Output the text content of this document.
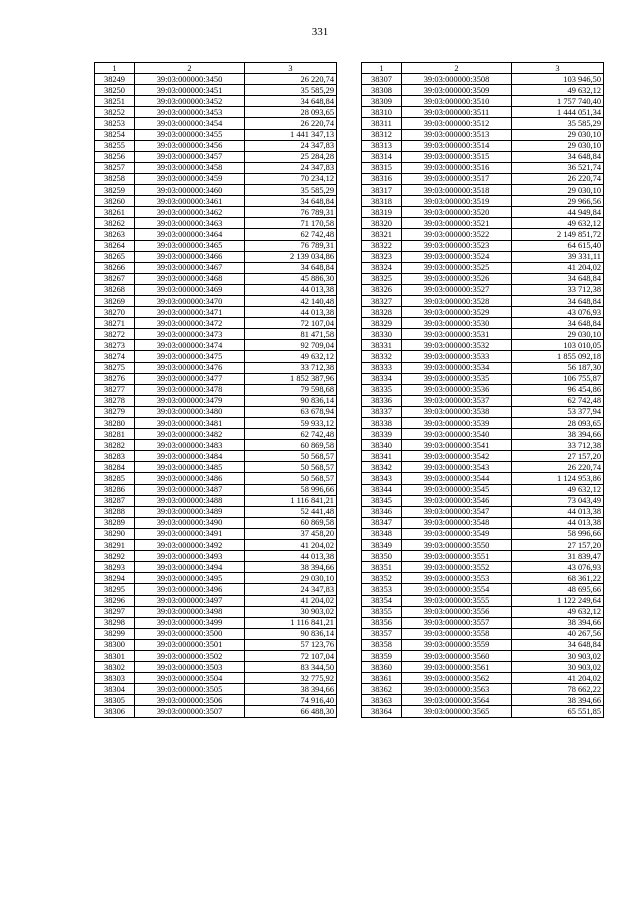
331
1	2	3
38249	39:03:000000:3450	26 220,74
38250	39:03:000000:3451	35 585,29
38251	39:03:000000:3452	34 648,84
38252	39:03:000000:3453	28 093,65
38253	39:03:000000:3454	26 220,74
38254	39:03:000000:3455	1 441 347,13
38255	39:03:000000:3456	24 347,83
38256	39:03:000000:3457	25 284,28
38257	39:03:000000:3458	24 347,83
38258	39:03:000000:3459	70 234,12
38259	39:03:000000:3460	35 585,29
38260	39:03:000000:3461	34 648,84
38261	39:03:000000:3462	76 789,31
38262	39:03:000000:3463	71 170,58
38263	39:03:000000:3464	62 742,48
38264	39:03:000000:3465	76 789,31
38265	39:03:000000:3466	2 139 034,86
38266	39:03:000000:3467	34 648,84
38267	39:03:000000:3468	45 886,30
38268	39:03:000000:3469	44 013,38
38269	39:03:000000:3470	42 140,48
38270	39:03:000000:3471	44 013,38
38271	39:03:000000:3472	72 107,04
38272	39:03:000000:3473	81 471,58
38273	39:03:000000:3474	92 709,04
38274	39:03:000000:3475	49 632,12
38275	39:03:000000:3476	33 712,38
38276	39:03:000000:3477	1 852 387,96
38277	39:03:000000:3478	79 598,68
38278	39:03:000000:3479	90 836,14
38279	39:03:000000:3480	63 678,94
38280	39:03:000000:3481	59 933,12
38281	39:03:000000:3482	62 742,48
38282	39:03:000000:3483	60 869,58
38283	39:03:000000:3484	50 568,57
38284	39:03:000000:3485	50 568,57
38285	39:03:000000:3486	50 568,57
38286	39:03:000000:3487	58 996,66
38287	39:03:000000:3488	1 116 841,21
38288	39:03:000000:3489	52 441,48
38289	39:03:000000:3490	60 869,58
38290	39:03:000000:3491	37 458,20
38291	39:03:000000:3492	41 204,02
38292	39:03:000000:3493	44 013,38
38293	39:03:000000:3494	38 394,66
38294	39:03:000000:3495	29 030,10
38295	39:03:000000:3496	24 347,83
38296	39:03:000000:3497	41 204,02
38297	39:03:000000:3498	30 903,02
38298	39:03:000000:3499	1 116 841,21
38299	39:03:000000:3500	90 836,14
38300	39:03:000000:3501	57 123,76
38301	39:03:000000:3502	72 107,04
38302	39:03:000000:3503	83 344,50
38303	39:03:000000:3504	32 775,92
38304	39:03:000000:3505	38 394,66
38305	39:03:000000:3506	74 916,40
38306	39:03:000000:3507	66 488,30
1	2	3
38307	39:03:000000:3508	103 946,50
38308	39:03:000000:3509	49 632,12
38309	39:03:000000:3510	1 757 740,40
38310	39:03:000000:3511	1 444 051,34
38311	39:03:000000:3512	35 585,29
38312	39:03:000000:3513	29 030,10
38313	39:03:000000:3514	29 030,10
38314	39:03:000000:3515	34 648,84
38315	39:03:000000:3516	36 521,74
38316	39:03:000000:3517	26 220,74
38317	39:03:000000:3518	29 030,10
38318	39:03:000000:3519	29 966,56
38319	39:03:000000:3520	44 949,84
38320	39:03:000000:3521	49 632,12
38321	39:03:000000:3522	2 149 851,72
38322	39:03:000000:3523	64 615,40
38323	39:03:000000:3524	39 331,11
38324	39:03:000000:3525	41 204,02
38325	39:03:000000:3526	34 648,84
38326	39:03:000000:3527	33 712,38
38327	39:03:000000:3528	34 648,84
38328	39:03:000000:3529	43 076,93
38329	39:03:000000:3530	34 648,84
38330	39:03:000000:3531	29 030,10
38331	39:03:000000:3532	103 010,05
38332	39:03:000000:3533	1 855 092,18
38333	39:03:000000:3534	56 187,30
38334	39:03:000000:3535	106 755,87
38335	39:03:000000:3536	96 454,86
38336	39:03:000000:3537	62 742,48
38337	39:03:000000:3538	53 377,94
38338	39:03:000000:3539	28 093,65
38339	39:03:000000:3540	38 394,66
38340	39:03:000000:3541	33 712,38
38341	39:03:000000:3542	27 157,20
38342	39:03:000000:3543	26 220,74
38343	39:03:000000:3544	1 124 953,86
38344	39:03:000000:3545	49 632,12
38345	39:03:000000:3546	73 043,49
38346	39:03:000000:3547	44 013,38
38347	39:03:000000:3548	44 013,38
38348	39:03:000000:3549	58 996,66
38349	39:03:000000:3550	27 157,20
38350	39:03:000000:3551	31 839,47
38351	39:03:000000:3552	43 076,93
38352	39:03:000000:3553	68 361,22
38353	39:03:000000:3554	48 695,66
38354	39:03:000000:3555	1 122 249,64
38355	39:03:000000:3556	49 632,12
38356	39:03:000000:3557	38 394,66
38357	39:03:000000:3558	40 267,56
38358	39:03:000000:3559	34 648,84
38359	39:03:000000:3560	30 903,02
38360	39:03:000000:3561	30 903,02
38361	39:03:000000:3562	41 204,02
38362	39:03:000000:3563	78 662,22
38363	39:03:000000:3564	38 394,66
38364	39:03:000000:3565	65 551,85
